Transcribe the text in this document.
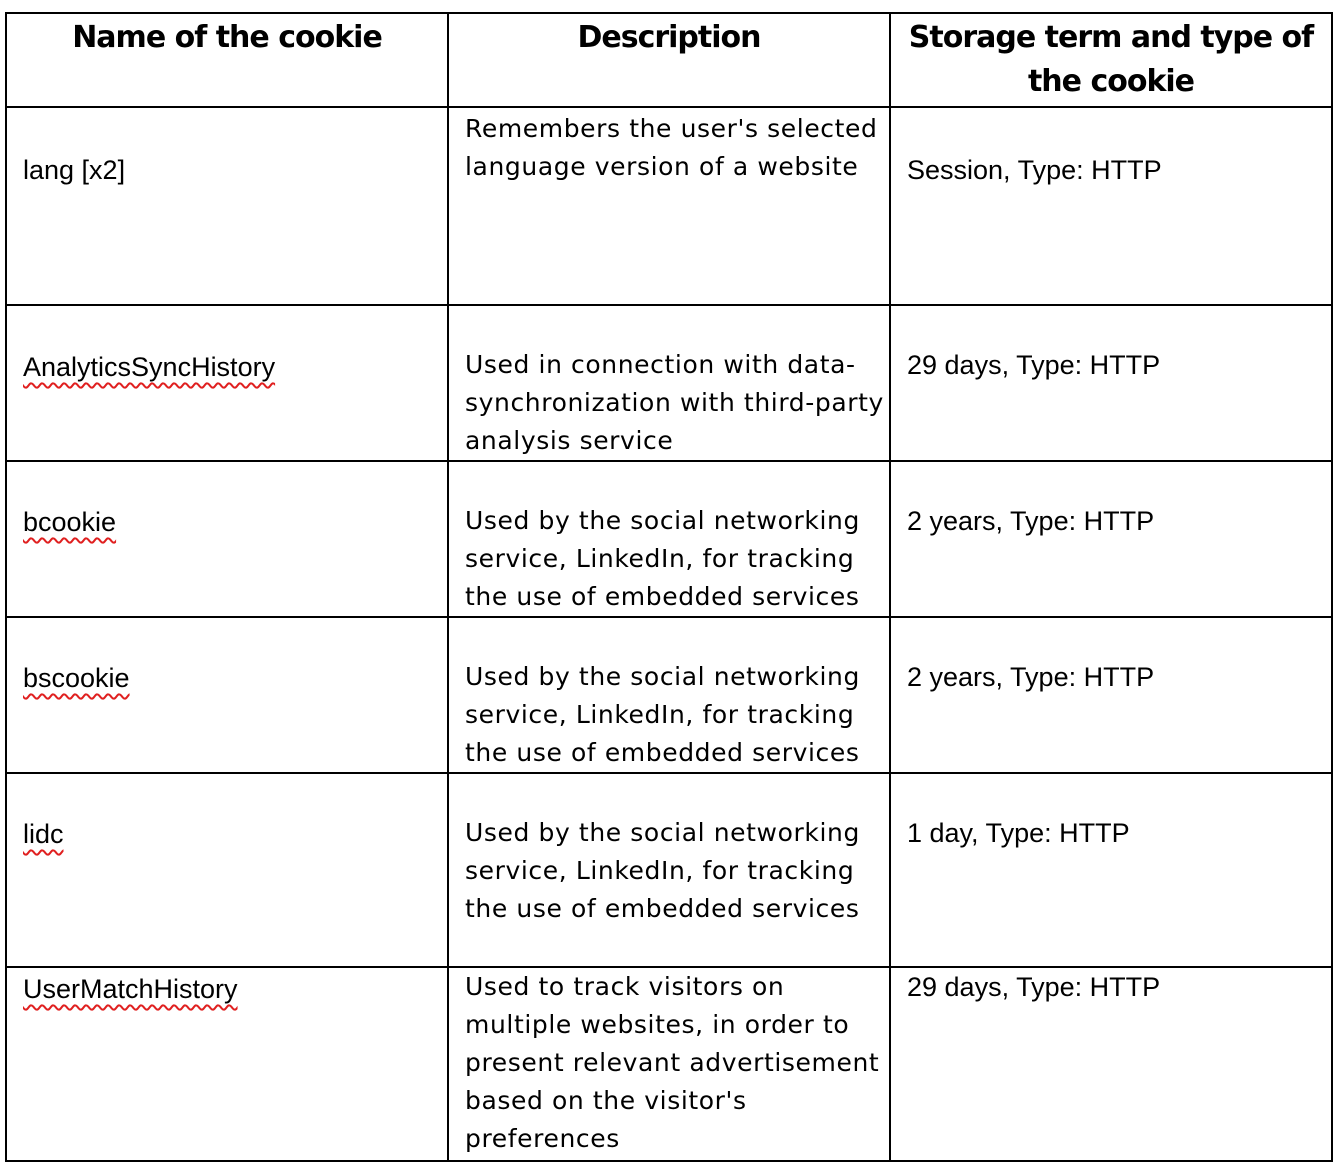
Name of the cookie	Description	Storage term and type of the cookie
lang [x2]	Remembers the user's selected language version of a website	Session, Type: HTTP
AnalyticsSyncHistory	Used in connection with data-synchronization with third-party analysis service	29 days, Type: HTTP
bcookie	Used by the social networking service, LinkedIn, for tracking the use of embedded services	2 years, Type: HTTP
bscookie	Used by the social networking service, LinkedIn, for tracking the use of embedded services	2 years, Type: HTTP
lidc	Used by the social networking service, LinkedIn, for tracking the use of embedded services	1 day, Type: HTTP
UserMatchHistory	Used to track visitors on multiple websites, in order to present relevant advertisement based on the visitor's preferences	29 days, Type: HTTP
